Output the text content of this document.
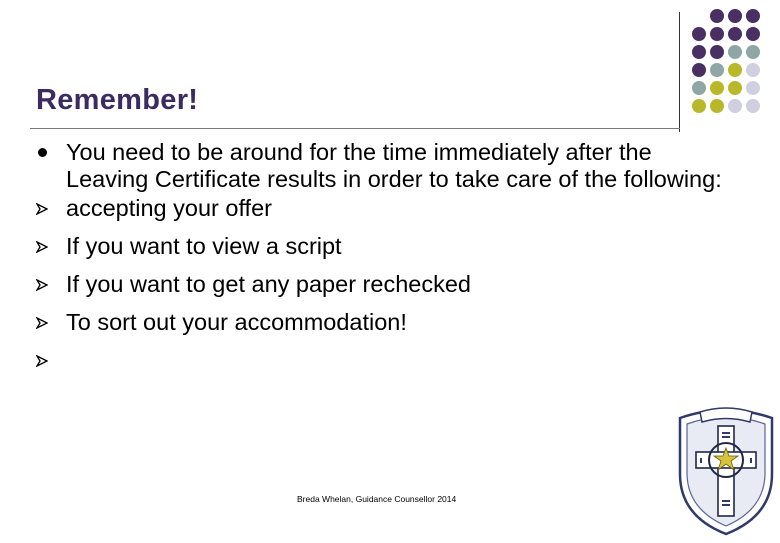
Remember!
You need to be around for the time immediately after the Leaving Certificate results in order to take care of the following:
accepting your offer
If you want to view a script
If you want to get any paper rechecked
To sort out your accommodation!
Breda Whelan, Guidance Counsellor 2014
